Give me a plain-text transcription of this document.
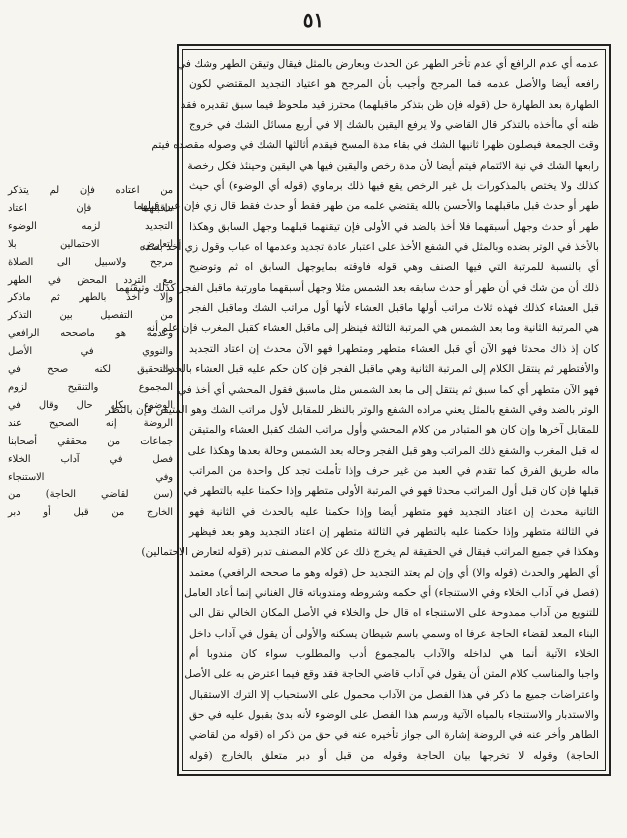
٥١
عدمه أي عدم الرافع أي عدم تأخر الطهر عن الحدث وبعارض بالمثل فيقال وتيقن الطهر وشك في
رافعه أيضا والأصل عدمه فما المرجح وأجيب بأن المرجح هو اعتياد التجديد المقتضي لكون
الطهارة بعد الطهارة حل (قوله فإن ظن بتذكر ماقبلهما) محترز قيد ملحوظ فيما سبق تقديره فقد
ظنه أي ماأخذه بالتذكر قال القاضي ولا يرفع اليقين بالشك إلا في أربع مسائل الشك في خروج
وقت الجمعة فيصلون ظهرا ثانيها الشك في بقاء مدة المسح فيقدم أثالثها الشك في وصوله مقصده فيتم
رابعها الشك في نية الائتمام فيتم أيضا لأن مدة رخص واليقين فيها هي اليقين وحينئذ فكل رخصة
كذلك ولا يختص بالمذكورات بل غير الرخص يقع فيها ذلك برماوي (قوله أي الوضوء) أي حيث
طهر أو حدث قبل ماقبلهما والأحسن بالله يقتضي علمه من طهر فقط أو حدث فقط قال زي فإن عين قبلهما
طهر أو حدث وجهل أسبقهما فلا أخذ بالضد في الأولى فإن تيقنهما قبلهما وجهل السابق وهكذا
بالأخذ في الوتر بضده وبالمثل في الشفع الأخذ على اعتبار عادة تجديد وعدمها اه عباب وقول زي أخذ بضده
أي بالنسبة للمرتبة التي فيها الصنف وهي قوله فاوقته بمايوجهل السابق اه ثم وتوضيح
ذلك أن من شك في أن طهر أو حدث سابقه بعد الشمس مثلا وجهل أسبقهما ماورتبة ماقبل الفجر كذلك وتيقنهما
قبل العشاء كذلك فهذه ثلاث مراتب أولها ماقبل العشاء لأنها أول مراتب الشك وماقبل الفجر
هي المرتبة الثانية وما بعد الشمس هي المرتبة الثالثة فينظر إلى ماقبل العشاء كقبل المغرب فإن علم أنه
كان إذ ذاك محدثا فهو الآن أي قبل العشاء متطهر ومتطهرا فهو الآن محدث إن اعتاد التجديد
والأفتطهر ثم ينتقل الكلام إلى المرتبة الثانية وهي ماقبل الفجر فإن كان حكم عليه قبل العشاء بالحدث
فهو الآن متطهر أي كما سبق ثم ينتقل إلى ما بعد الشمس مثل ماسبق فقول المحشي أي أخذ في
الوتر بالضد وفي الشفع بالمثل يعني مراده الشفع والوتر بالنظر للمقابل لأول مراتب الشك وهو المتيقن فإن بالنظر
للمقابل آخرها وإن كان هو المتبادر من كلام المحشي وأول مراتب الشك كقبل العشاء والمتيقن
له قبل المغرب والشفع ذلك المراتب وهو قبل الفجر وحاله بعد الشمس وحالة بعدها وهكذا على
ماله طريق الفرق كما تقدم في العبد من غير حرف وإذا تأملت تجد كل واحدة من المراتب
قبلها فإن كان قبل أول المراتب محدثا فهو في المرتبة الأولى متطهر وإذا حكمنا عليه بالتطهر في
الثانية محدث إن اعتاد التجديد فهو متطهر أيضا وإذا حكمنا عليه بالحدث في الثانية فهو
في الثالثة متطهر وإذا حكمنا عليه بالتطهر في الثالثة متطهر إن اعتاد التجديد وهو بعد فيظهر
وهكذا في جميع المراتب فيقال في الحقيقة لم يخرج ذلك عن كلام المصنف تدبر (قوله لتعارض الاحتمالين)
أي الطهر والحدث (قوله والا) أي وإن لم يعتد التجديد حل (قوله وهو ما صححه الرافعي) معتمد
(فصل في آداب الخلاء وفي الاستنجاء) أي حكمه وشروطه ومندوباته قال الغناني إنما أعاد العامل
للتنويع من آداب ممدوحة على الاستنجاء اه قال حل والخلاء في الأصل المكان الخالي نقل الى
البناء المعد لقضاء الحاجة عرفا اه وسمي باسم شيطان يسكنه والأولى أن يقول في آداب داخل
الخلاء الآتية أنما هي لداخله والآداب بالمجموع أدب والمطلوب سواء كان مندوبا أم
واجبا والمناسب كلام المتن أن يقول في آداب قاضي الحاجة فقد وقع فيما اعترض به على الأصل
واعتراضات جميع ما ذكر في هذا الفصل من الآداب محمول على الاستحباب إلا الترك الاستقبال
والاستدبار والاستنجاء بالمياه الآتية ورسم هذا الفصل على الوضوء لأنه بدئ بقبول عليه في حق
الطاهر وأخر عنه في الروضة إشارة الى جواز تأخيره عنه في حق من ذكر اه (قوله من لقاضي
الحاجة) وقوله لا تخرجها بيان الحاجة وقوله من قبل أو دبر متعلق بالخارج (قوله
من اعتاده فإن لم يتذكر
ماقبلهما فإن اعتاد
التجديد لزمه الوضوء
لتعارض الاحتمالين بلا
مرجح ولاسبيل الى الصلاة
مع التردد المحض في الطهر
وإلا أخذ بالطهر ثم ماذكر
من التفصيل بين التذكر
وعدمه هو ماصححه الرافعي
والنووي في الأصل
والتحقيق لكنه صحح في
المجموع والتنقيح لزوم
الوضوء بكل حال وقال في
الروضة إنه الصحيح عند
جماعات من محققي أصحابنا
فصل في آداب الخلاء
وفي الاستنجاء
(سن لقاضي الحاجة) من
الخارج من قبل أو دبر
